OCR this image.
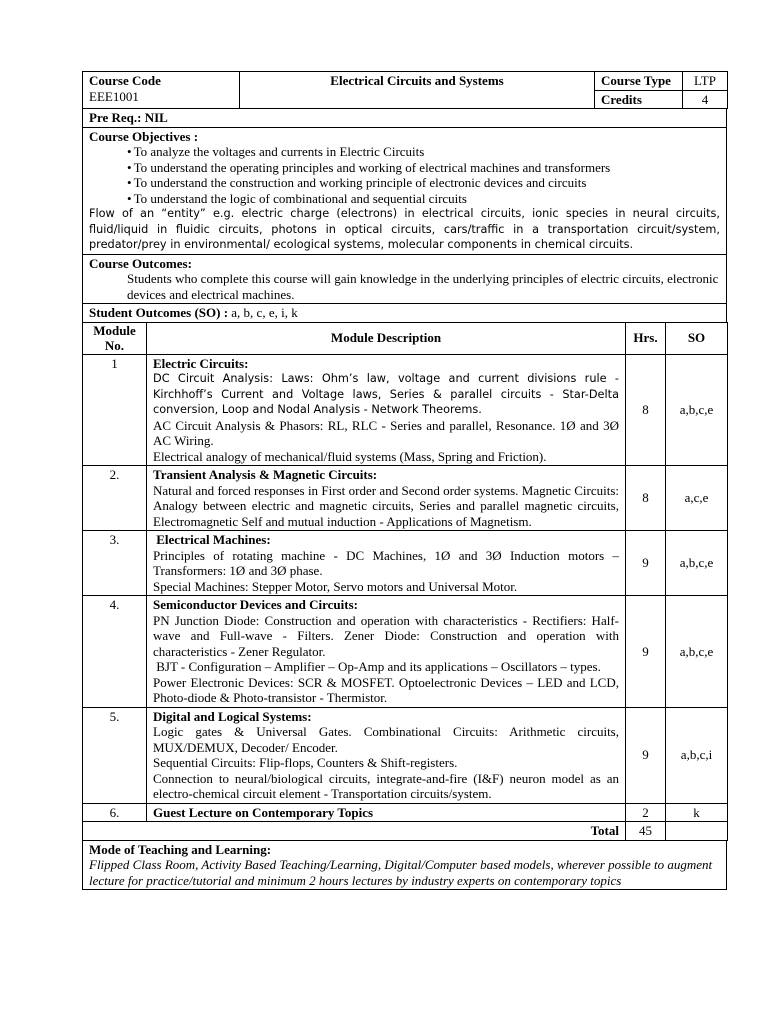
Course Code
EEE1001	Electrical Circuits and Systems	Course Type	LTP
		Credits	4
Pre Req.: NIL

Course Objectives :
• To analyze the voltages and currents in Electric Circuits
• To understand the operating principles and working of electrical machines and transformers
• To understand the construction and working principle of electronic devices and circuits
• To understand the logic of combinational and sequential circuits
Flow of an “entity” e.g. electric charge (electrons) in electrical circuits, ionic species in neural circuits, fluid/liquid in fluidic circuits, photons in optical circuits, cars/traffic in a transportation circuit/system, predator/prey in environmental/ ecological systems, molecular components in chemical circuits.

Course Outcomes:
Students who complete this course will gain knowledge in the underlying principles of electric circuits, electronic devices and electrical machines.

Student Outcomes (SO) : a, b, c, e, i, k
Module No.	Module Description	Hrs.	SO
1	Electric Circuits:
DC Circuit Analysis: Laws: Ohm’s law, voltage and current divisions rule - Kirchhoff’s Current and Voltage laws, Series & parallel circuits - Star-Delta conversion, Loop and Nodal Analysis - Network Theorems.
AC Circuit Analysis & Phasors: RL, RLC - Series and parallel, Resonance. 1Ø and 3Ø AC Wiring.
Electrical analogy of mechanical/fluid systems (Mass, Spring and Friction).	8	a,b,c,e
2.	Transient Analysis & Magnetic Circuits:
Natural and forced responses in First order and Second order systems. Magnetic Circuits: Analogy between electric and magnetic circuits, Series and parallel magnetic circuits, Electromagnetic Self and mutual induction - Applications of Magnetism.	8	a,c,e
3.	Electrical Machines:
Principles of rotating machine - DC Machines, 1Ø and 3Ø Induction motors – Transformers: 1Ø and 3Ø phase.
Special Machines: Stepper Motor, Servo motors and Universal Motor.	9	a,b,c,e
4.	Semiconductor Devices and Circuits:
PN Junction Diode: Construction and operation with characteristics - Rectifiers: Half-wave and Full-wave - Filters. Zener Diode: Construction and operation with characteristics - Zener Regulator.
BJT - Configuration – Amplifier – Op-Amp and its applications – Oscillators – types.
Power Electronic Devices: SCR & MOSFET. Optoelectronic Devices – LED and LCD, Photo-diode & Photo-transistor - Thermistor.	9	a,b,c,e
5.	Digital and Logical Systems:
Logic gates & Universal Gates. Combinational Circuits: Arithmetic circuits, MUX/DEMUX, Decoder/ Encoder.
Sequential Circuits: Flip-flops, Counters & Shift-registers.
Connection to neural/biological circuits, integrate-and-fire (I&F) neuron model as an electro-chemical circuit element - Transportation circuits/system.	9	a,b,c,i
6.	Guest Lecture on Contemporary Topics	2	k
Total		45	
Mode of Teaching and Learning:
Flipped Class Room, Activity Based Teaching/Learning, Digital/Computer based models, wherever possible to augment lecture for practice/tutorial and minimum 2 hours lectures by industry experts on contemporary topics
